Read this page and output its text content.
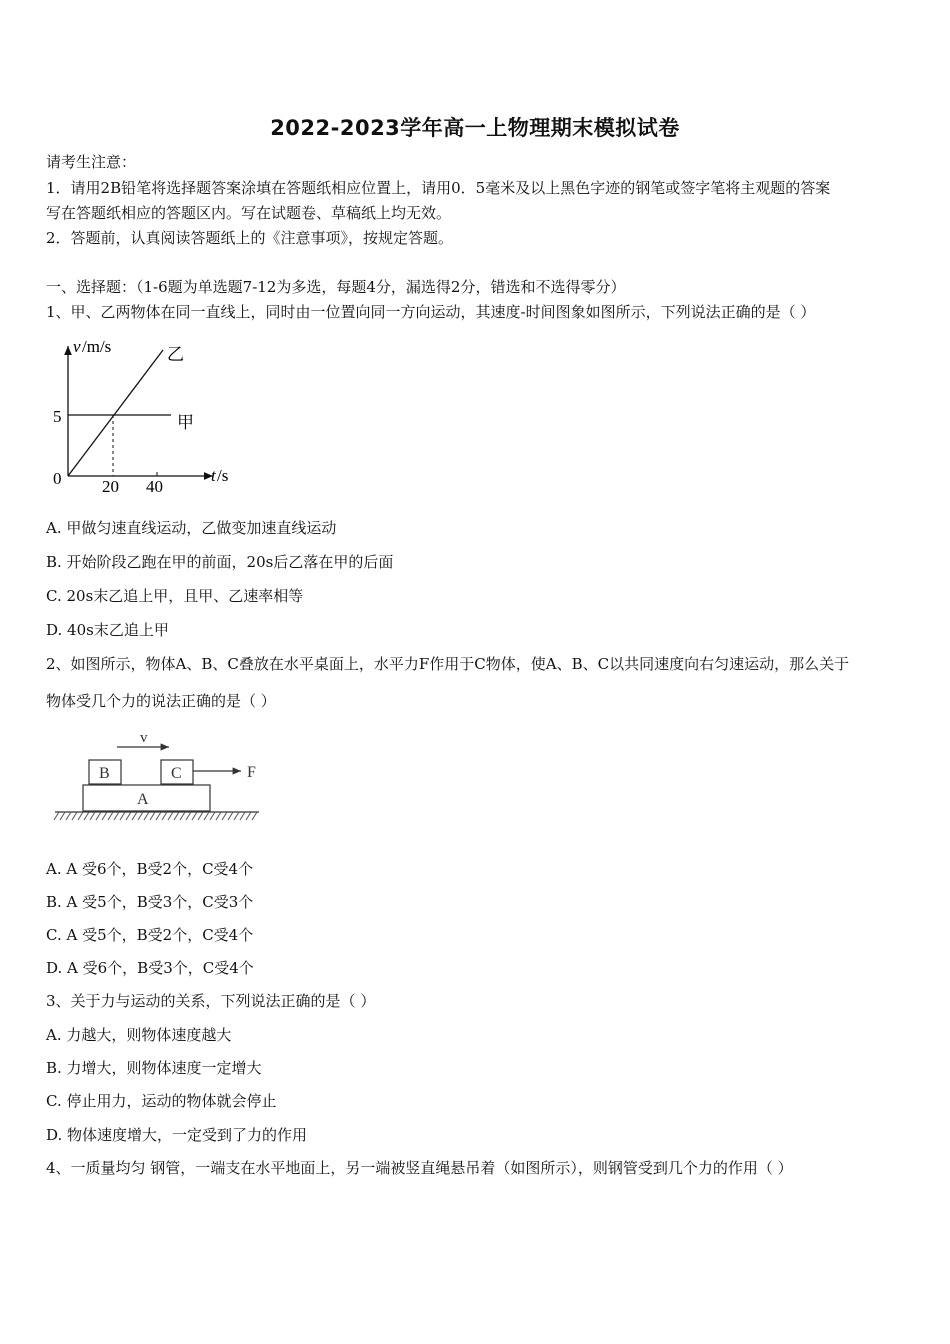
2022-2023学年高一上物理期末模拟试卷
请考生注意：
1．请用2B铅笔将选择题答案涂填在答题纸相应位置上，请用0．5毫米及以上黑色字迹的钢笔或签字笔将主观题的答案
写在答题纸相应的答题区内。写在试题卷、草稿纸上均无效。
2．答题前，认真阅读答题纸上的《注意事项》，按规定答题。
一、选择题：（1-6题为单选题7-12为多选，每题4分，漏选得2分，错选和不选得零分）
1、甲、乙两物体在同一直线上，同时由一位置向同一方向运动，其速度-时间图象如图所示，下列说法正确的是（ ）
v /m/s
5
0 20 40
t /s
乙
甲
A. 甲做匀速直线运动，乙做变加速直线运动
B. 开始阶段乙跑在甲的前面，20s后乙落在甲的后面
C. 20s末乙追上甲，且甲、乙速率相等
D. 40s末乙追上甲
2、如图所示，物体A、B、C叠放在水平桌面上，水平力F作用于C物体，使A、B、C以共同速度向右匀速运动，那么关于
物体受几个力的说法正确的是（ ）
v
B	C	F
A
A. A 受6个，B受2个，C受4个
B. A 受5个，B受3个，C受3个
C. A 受5个，B受2个，C受4个
D. A 受6个，B受3个，C受4个
3、关于力与运动的关系，下列说法正确的是（ ）
A. 力越大，则物体速度越大
B. 力增大，则物体速度一定增大
C. 停止用力，运动的物体就会停止
D. 物体速度增大，一定受到了力的作用
4、一质量均匀 钢管，一端支在水平地面上，另一端被竖直绳悬吊着（如图所示），则钢管受到几个力的作用（ ）
